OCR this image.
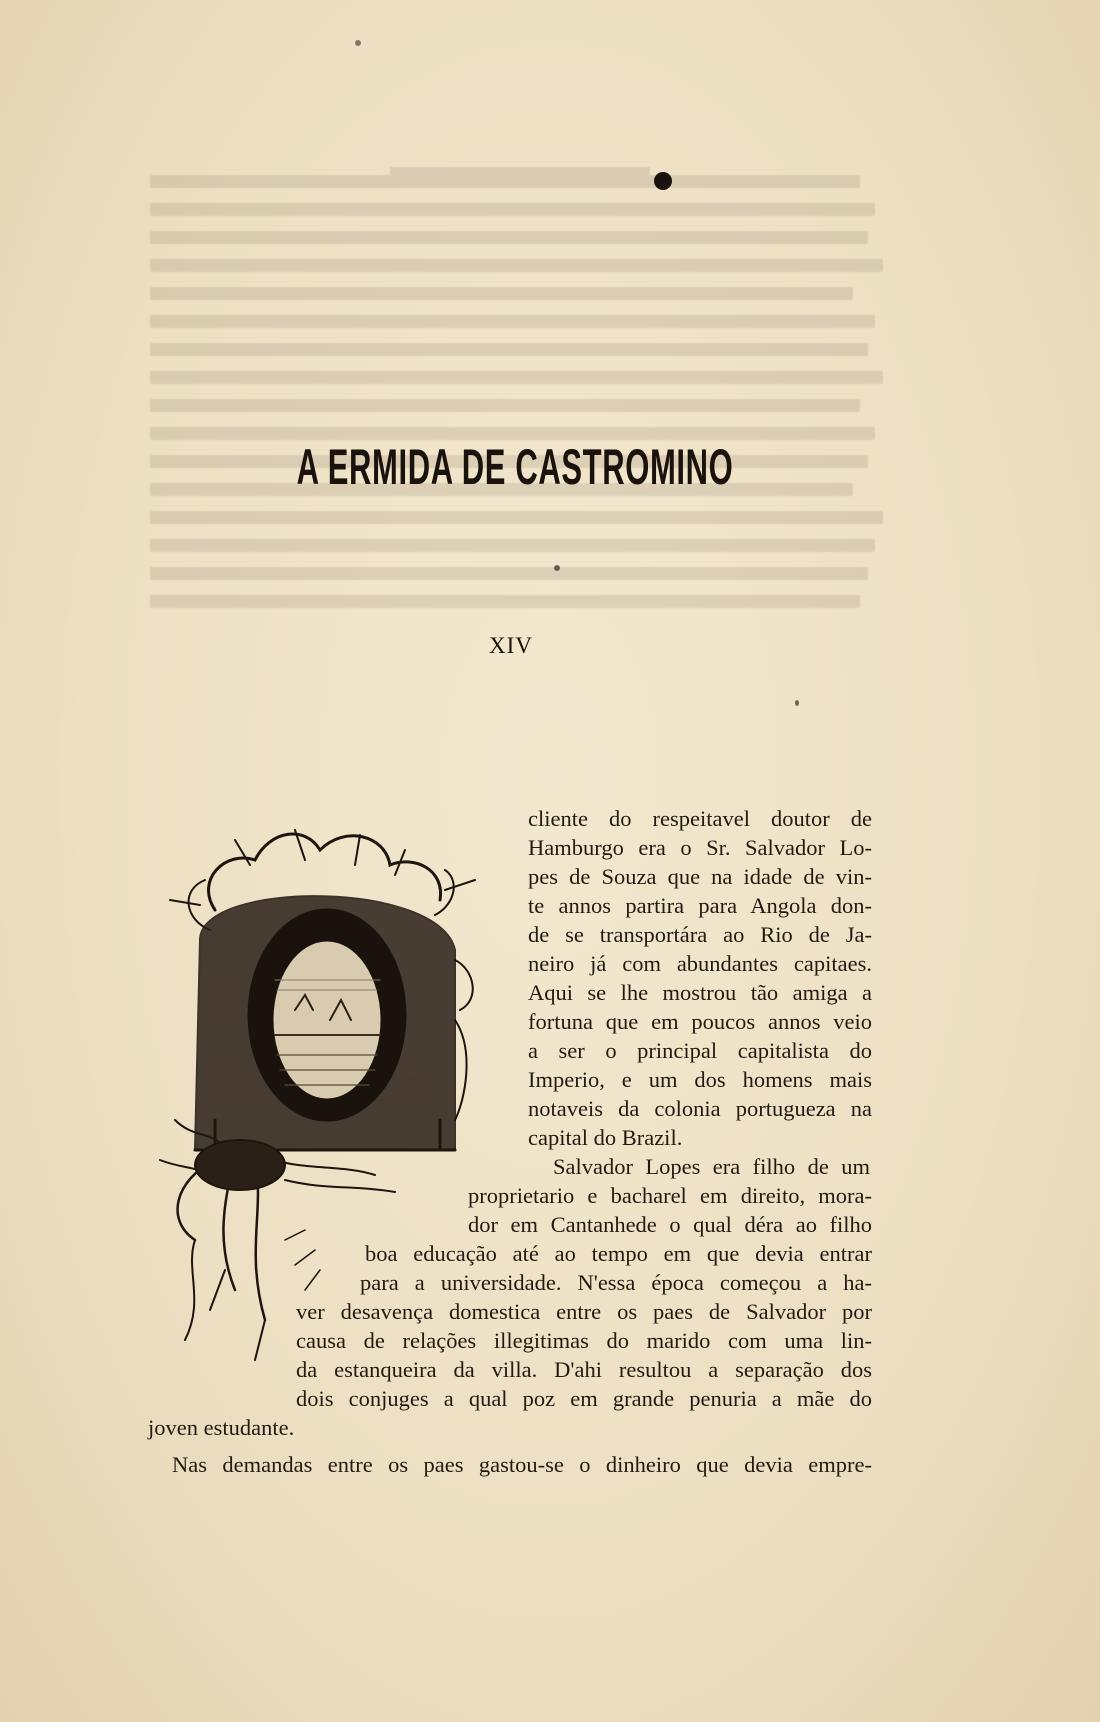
A ERMIDA DE CASTROMINO
XIV
cliente do respeitavel doutor de
Hamburgo era o Sr. Salvador Lo-
pes de Souza que na idade de vin-
te annos partira para Angola don-
de se transportára ao Rio de Ja-
neiro já com abundantes capitaes.
Aqui se lhe mostrou tão amiga a
fortuna que em poucos annos veio
a ser o principal capitalista do
Imperio, e um dos homens mais
notaveis da colonia portugueza na
capital do Brazil.
Salvador Lopes era filho de um
proprietario e bacharel em direito, mora-
dor em Cantanhede o qual déra ao filho
boa educação até ao tempo em que devia entrar
para a universidade. N'essa época começou a ha-
ver desavença domestica entre os paes de Salvador por
causa de relações illegitimas do marido com uma lin-
da estanqueira da villa. D'ahi resultou a separação dos
dois conjuges a qual poz em grande penuria a mãe do
joven estudante.
Nas demandas entre os paes gastou-se o dinheiro que devia empre-
